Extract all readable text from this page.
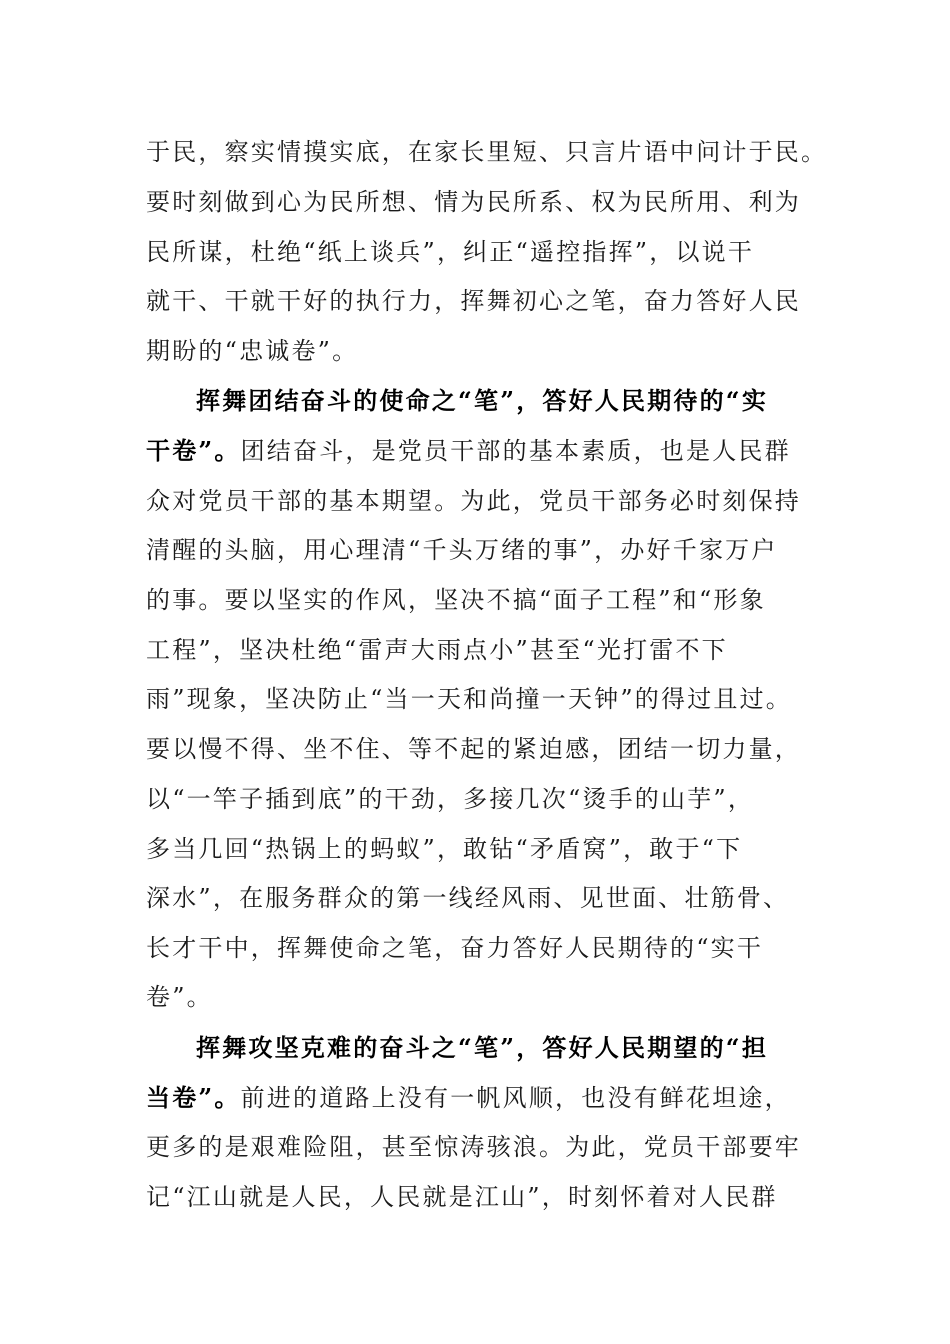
于民，察实情摸实底，在家长里短、只言片语中问计于民。
要时刻做到心为民所想、情为民所系、权为民所用、利为
民所谋，杜绝“纸上谈兵”，纠正“遥控指挥”，以说干
就干、干就干好的执行力，挥舞初心之笔，奋力答好人民
期盼的“忠诚卷”。
挥舞团结奋斗的使命之“笔”，答好人民期待的“实
干卷”。团结奋斗，是党员干部的基本素质，也是人民群
众对党员干部的基本期望。为此，党员干部务必时刻保持
清醒的头脑，用心理清“千头万绪的事”，办好千家万户
的事。要以坚实的作风，坚决不搞“面子工程”和“形象
工程”，坚决杜绝“雷声大雨点小”甚至“光打雷不下
雨”现象，坚决防止“当一天和尚撞一天钟”的得过且过。
要以慢不得、坐不住、等不起的紧迫感，团结一切力量，
以“一竿子插到底”的干劲，多接几次“烫手的山芋”，
多当几回“热锅上的蚂蚁”，敢钻“矛盾窝”，敢于“下
深水”，在服务群众的第一线经风雨、见世面、壮筋骨、
长才干中，挥舞使命之笔，奋力答好人民期待的“实干
卷”。
挥舞攻坚克难的奋斗之“笔”，答好人民期望的“担
当卷”。前进的道路上没有一帆风顺，也没有鲜花坦途，
更多的是艰难险阻，甚至惊涛骇浪。为此，党员干部要牢
记“江山就是人民，人民就是江山”，时刻怀着对人民群
